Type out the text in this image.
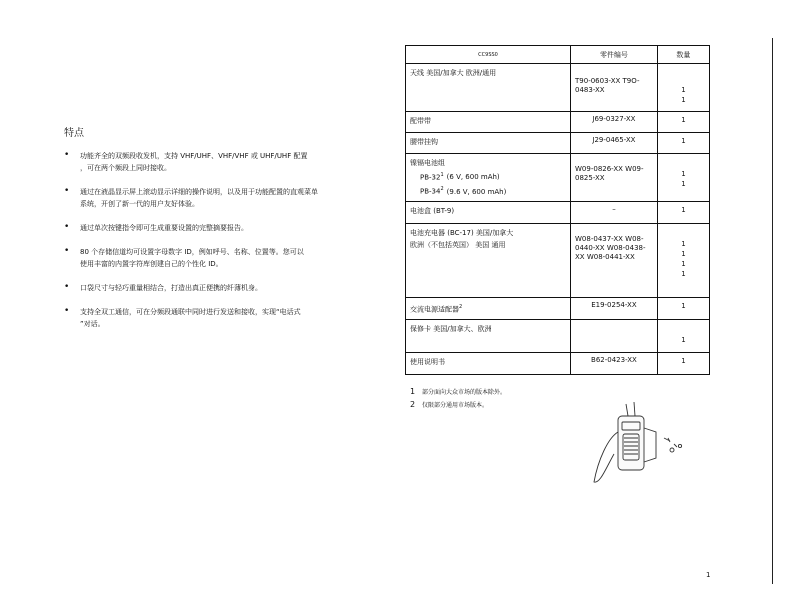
特点
• 功能齐全的双频段收发机，支持 VHF/UHF、VHF/VHF 或 UHF/UHF 配置
，可在两个频段上同时接收。
• 通过在液晶显示屏上滚动显示详细的操作说明，以及用于功能配置的直观菜单
系统，开创了新一代的用户友好体验。
• 通过单次按键指令即可生成重要设置的完整摘要报告。
• 80 个存储信道均可设置字母数字 ID，例如呼号、名称、位置等。您可以
使用丰富的内置字符库创建自己的个性化 ID。
• 口袋尺寸与轻巧重量相结合，打造出真正便携的纤薄机身。
• 支持全双工通信，可在分频段通联中同时进行发送和接收，实现“电话式
”对话。
CC9SS0	零件编号	数量

天线 美国/加拿大 欧洲/通用	T90-0603-XX T9O-
0483-XX	1
1

配带带	J69-0327-XX	1

腰带挂钩	J29-0465-XX	1

镍镉电池组
$PB-32^1$ (6 V, 600 mAh)
$PB-34^2$ (9.6 V, 600 mAh)	W09-0826-XX W09-
0825-XX	1
1

电池盒 (BT-9)	–	1

电池充电器 (BC-17) 美国/加拿大
欧洲（不包括英国） 美国 通用	W08-0437-XX W08-
0440-XX W08-0438-
XX W08-0441-XX	1
1
1
1

交流电源适配器$^2$	E19-0254-XX	1

保修卡 美国/加拿大、欧洲		1

使用说明书	B62-0423-XX	1
1 部分面向大众市场的版本除外。
2 仅限部分通用市场版本。
1
